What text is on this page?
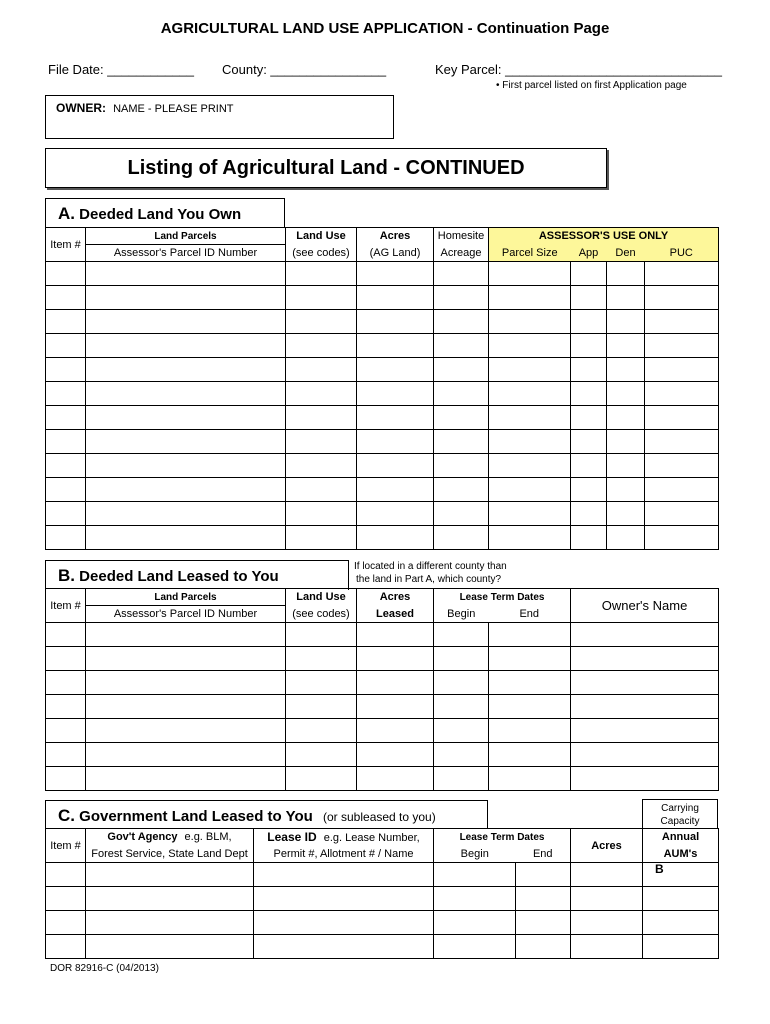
AGRICULTURAL LAND USE APPLICATION - Continuation Page
File Date: ____________ County: ________________	Key Parcel: ______________________________
• First parcel listed on first Application page
OWNER: NAME - PLEASE PRINT
Listing of Agricultural Land - CONTINUED
A. Deeded Land You Own
Item #	Land Parcels	Land Use	Acres	Homesite	ASSESSOR'S USE ONLY			
	Assessor's Parcel ID Number	(see codes)	(AG Land)	Acreage	Parcel Size	App	Den	PUC

B. Deeded Land Leased to You
If located in a different county than
the land in Part A, which county?
Item #	Land Parcels	Land Use	Acres	Lease Term Dates		Owner's Name
	Assessor's Parcel ID Number	(see codes)	Leased	Begin	End	

C. Government Land Leased to You (or subleased to you)
Carrying
Capacity
Item #	Gov't Agency e.g. BLM,	Lease ID e.g. Lease Number,	Lease Term Dates		Acres	Annual
	Forest Service, State Land Dept	Permit #, Allotment # / Name	Begin	End		AUM's

B
DOR 82916-C (04/2013)
